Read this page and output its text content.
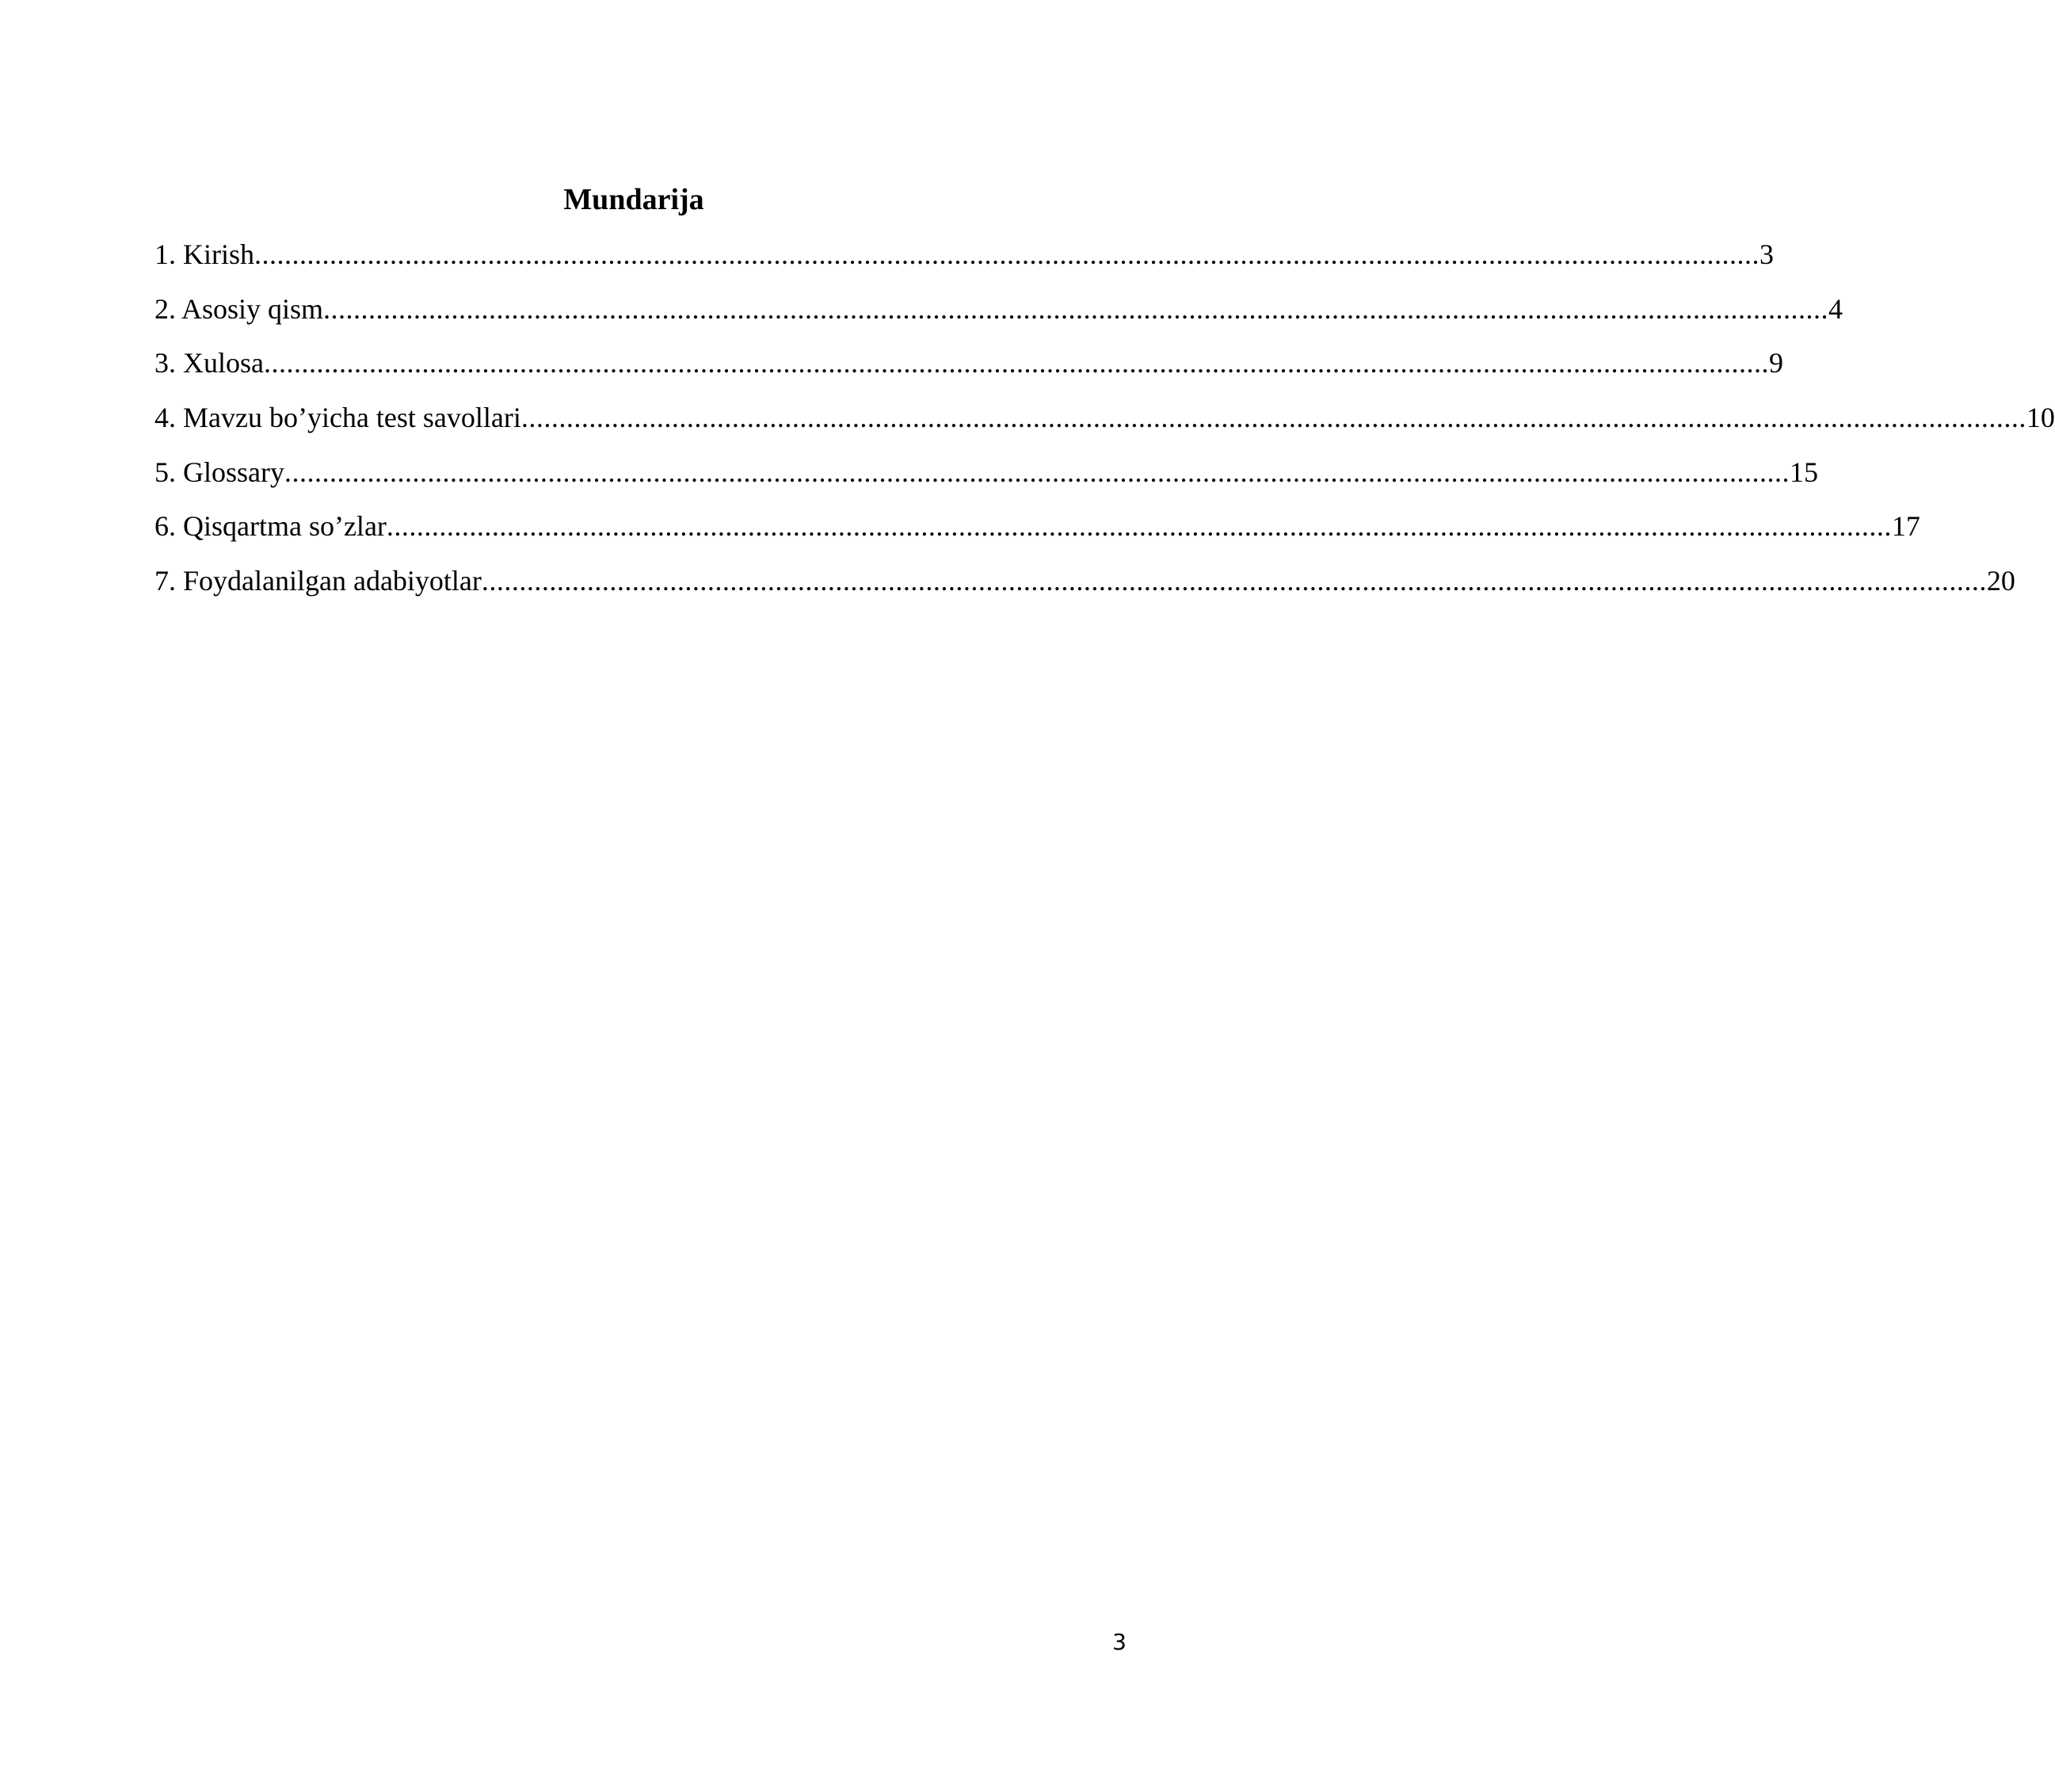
Mundarija
1. Kirish ........................................................................................................................................................................................................ 3
2. Asosiy qism ........................................................................................................................................................................................................ 4
3. Xulosa ........................................................................................................................................................................................................ 9
4. Mavzu bo’yicha test savollari ........................................................................................................................................................................................................ 10
5. Glossary ........................................................................................................................................................................................................ 15
6. Qisqartma so’zlar ........................................................................................................................................................................................................ 17
7. Foydalanilgan adabiyotlar ........................................................................................................................................................................................................ 20
3
